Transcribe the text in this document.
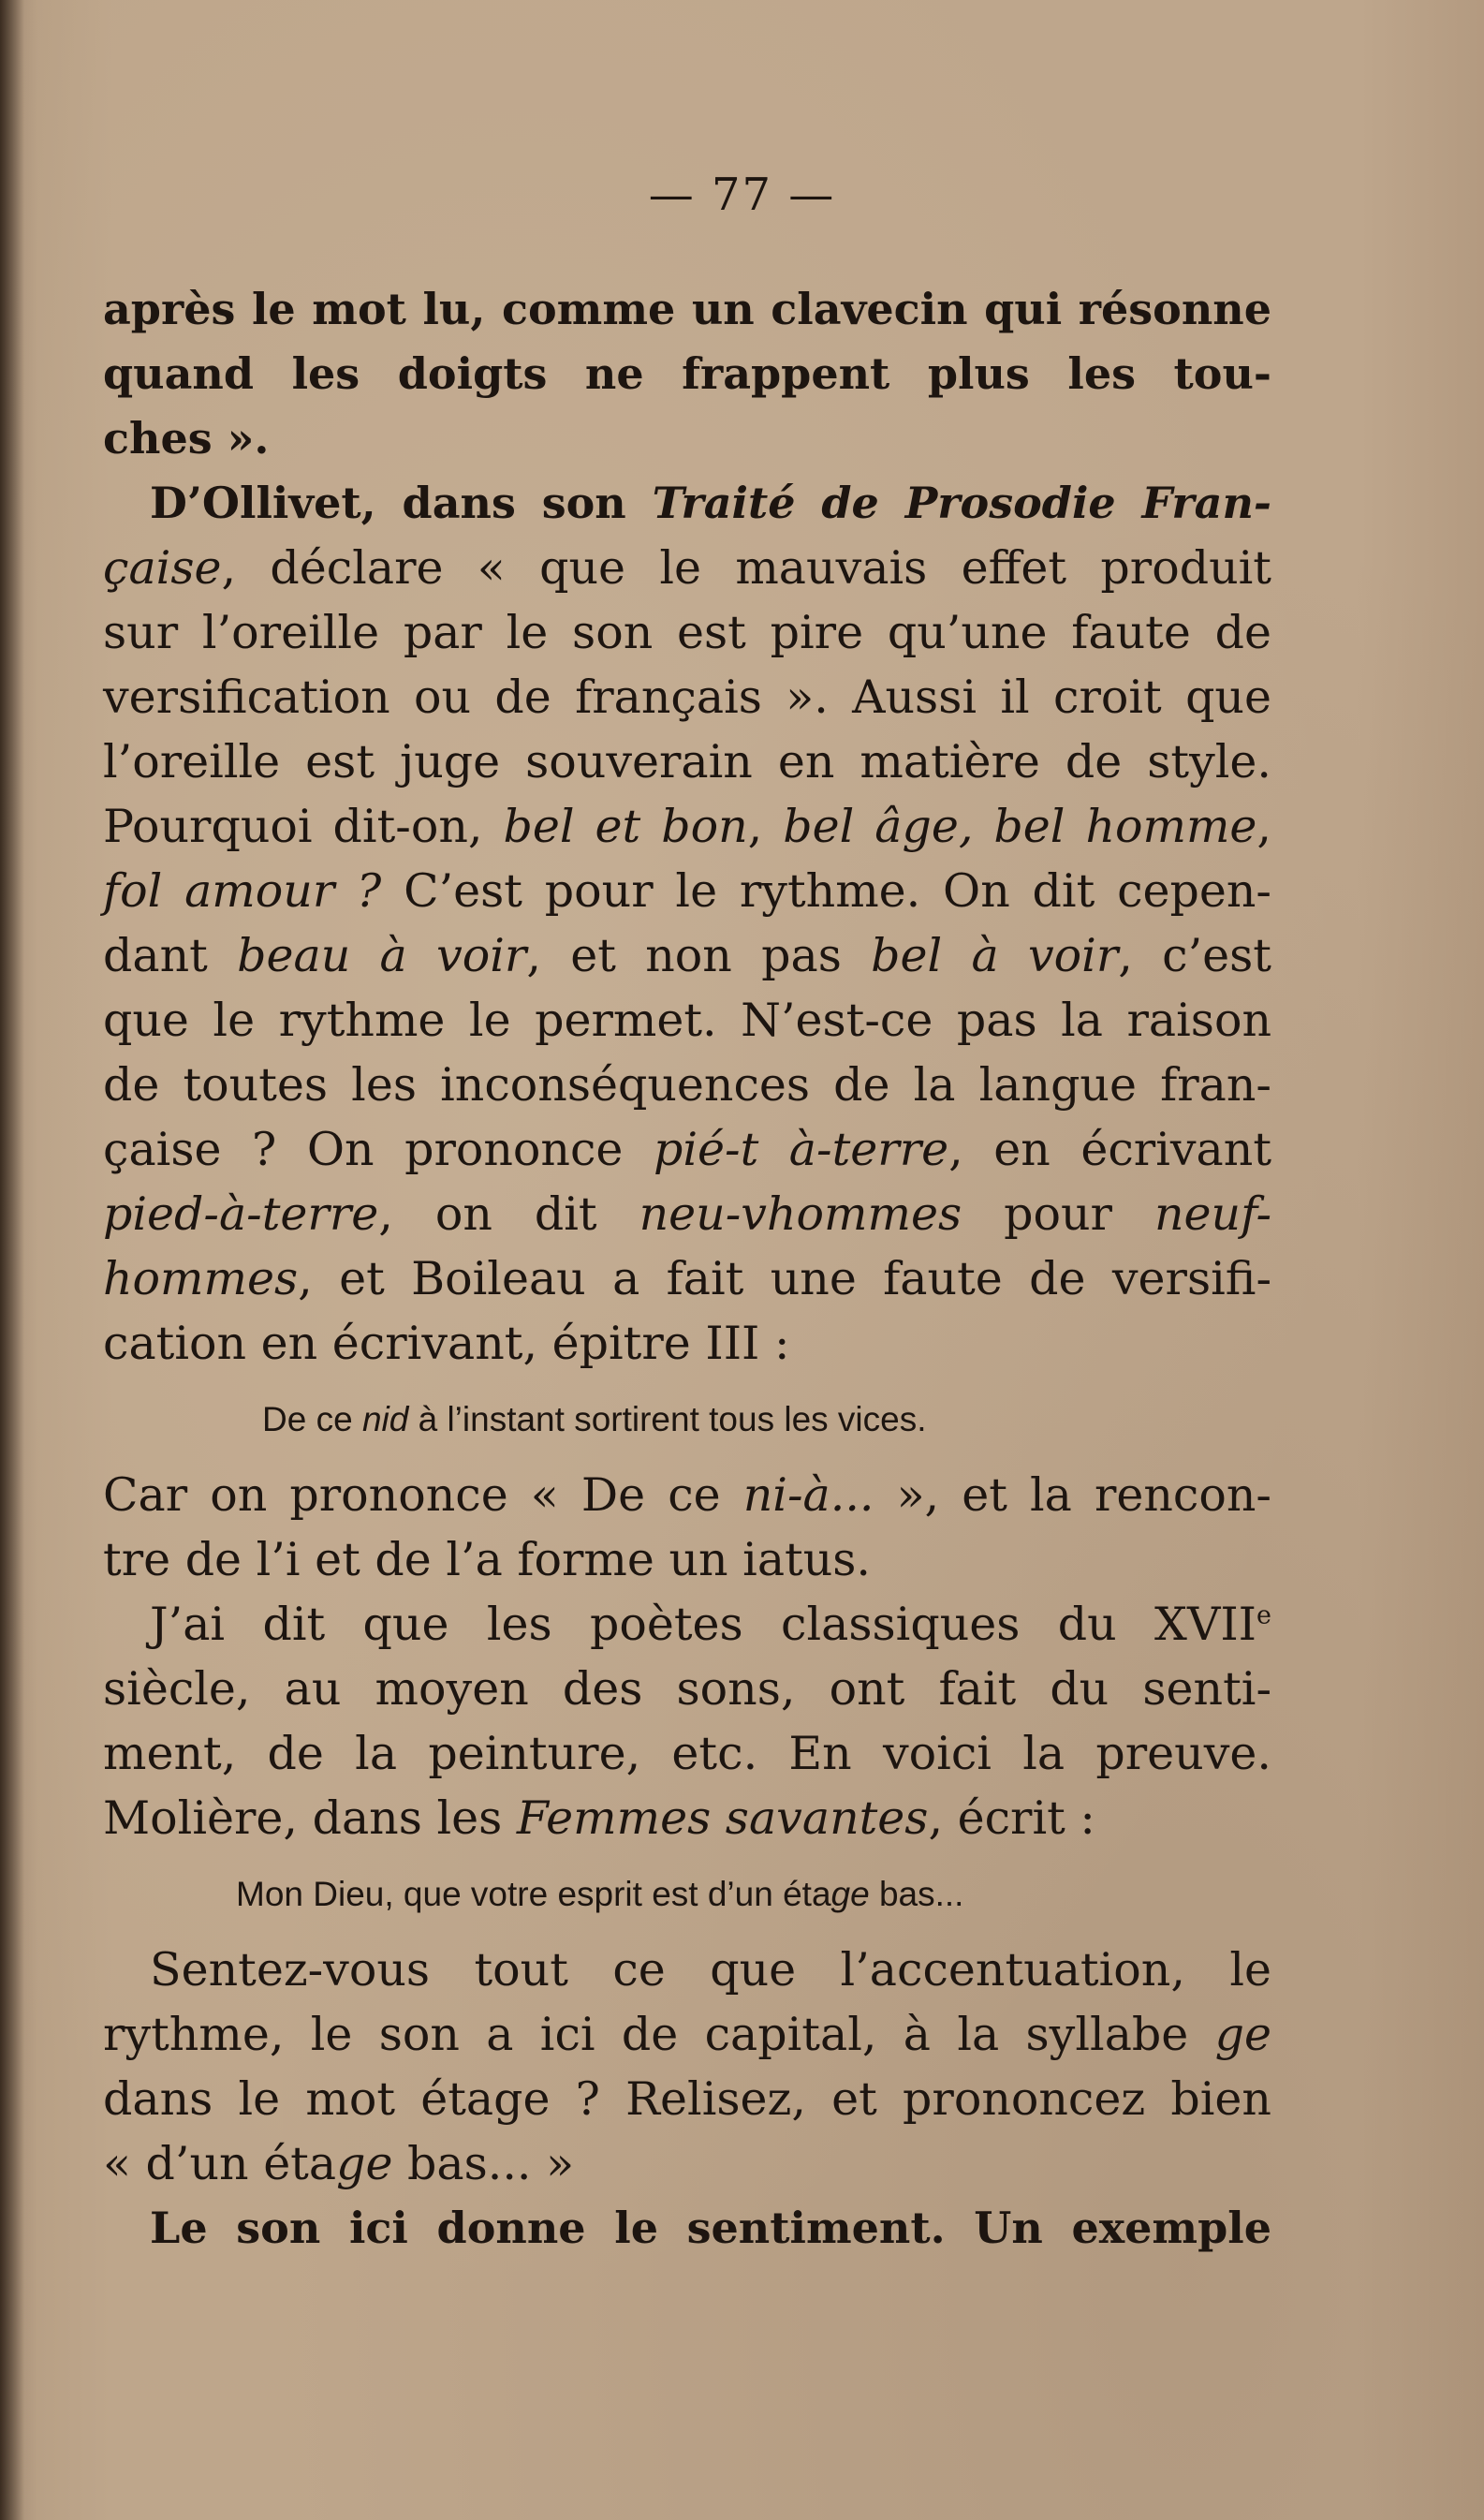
— 77 —
après le mot lu, comme un clavecin qui résonne
quand les doigts ne frappent plus les tou-
ches ».
D’Ollivet, dans son Traité de Prosodie Fran-
çaise, déclare « que le mauvais effet produit
sur l’oreille par le son est pire qu’une faute de
versification ou de français ». Aussi il croit que
l’oreille est juge souverain en matière de style.
Pourquoi dit-on, bel et bon, bel âge, bel homme,
fol amour ? C’est pour le rythme. On dit cepen-
dant beau à voir, et non pas bel à voir, c’est
que le rythme le permet. N’est-ce pas la raison
de toutes les inconséquences de la langue fran-
çaise ? On prononce pié-t à-terre, en écrivant
pied-à-terre, on dit neu-vhommes pour neuf-
hommes, et Boileau a fait une faute de versifi-
cation en écrivant, épitre III :
De ce nid à l’instant sortirent tous les vices.
Car on prononce « De ce ni-à... », et la rencon-
tre de l’i et de l’a forme un iatus.
J’ai dit que les poètes classiques du XVIIe
siècle, au moyen des sons, ont fait du senti-
ment, de la peinture, etc. En voici la preuve.
Molière, dans les Femmes savantes, écrit :
Mon Dieu, que votre esprit est d’un étage bas...
Sentez-vous tout ce que l’accentuation, le
rythme, le son a ici de capital, à la syllabe ge
dans le mot étage ? Relisez, et prononcez bien
« d’un étage bas... »
Le son ici donne le sentiment. Un exemple
